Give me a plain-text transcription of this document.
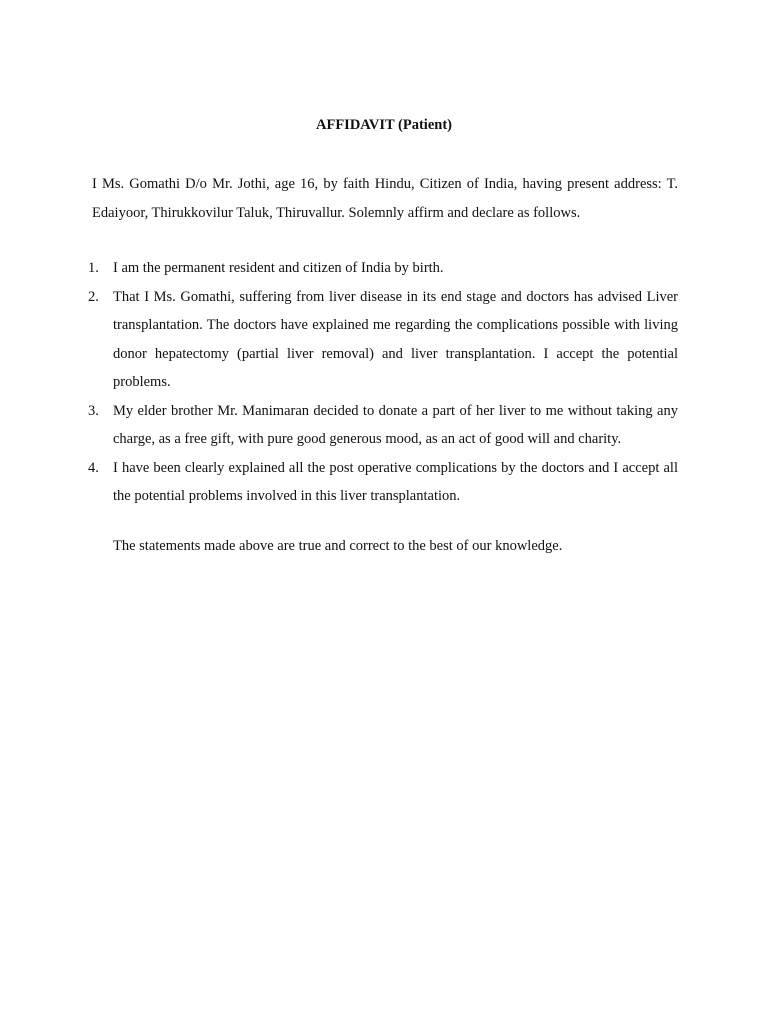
AFFIDAVIT (Patient)

I Ms. Gomathi D/o Mr. Jothi, age 16, by faith Hindu, Citizen of India, having present address: T. Edaiyoor, Thirukkovilur Taluk, Thiruvallur. Solemnly affirm and declare as follows.

1. I am the permanent resident and citizen of India by birth.
2. That I Ms. Gomathi, suffering from liver disease in its end stage and doctors has advised Liver transplantation. The doctors have explained me regarding the complications possible with living donor hepatectomy (partial liver removal) and liver transplantation. I accept the potential problems.
3. My elder brother Mr. Manimaran decided to donate a part of her liver to me without taking any charge, as a free gift, with pure good generous mood, as an act of good will and charity.
4. I have been clearly explained all the post operative complications by the doctors and I accept all the potential problems involved in this liver transplantation.

The statements made above are true and correct to the best of our knowledge.
